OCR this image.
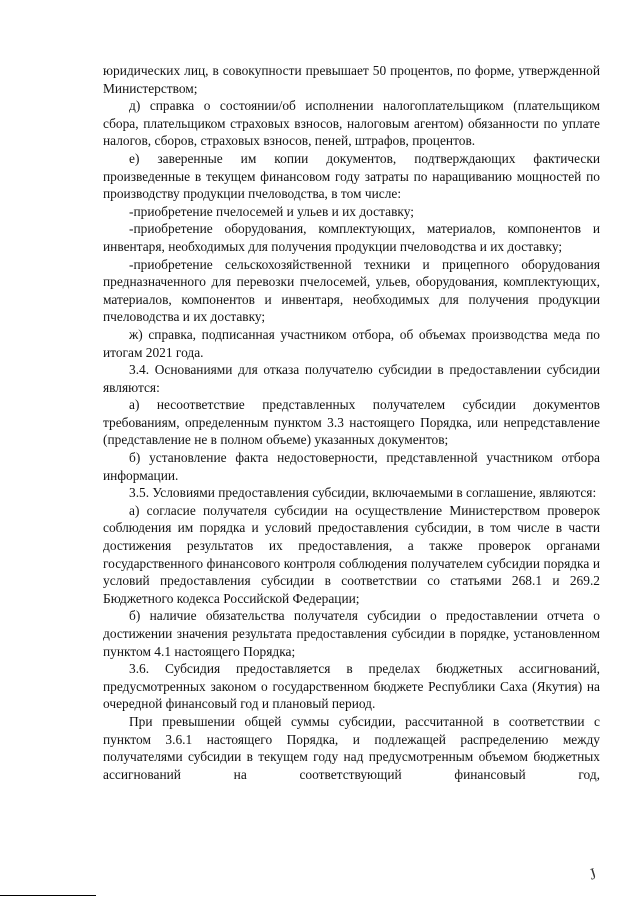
юридических лиц, в совокупности превышает 50 процентов, по форме, утвержденной Министерством;

д) справка о состоянии/об исполнении налогоплательщиком (плательщиком сбора, плательщиком страховых взносов, налоговым агентом) обязанности по уплате налогов, сборов, страховых взносов, пеней, штрафов, процентов.

е) заверенные им копии документов, подтверждающих фактически произведенные в текущем финансовом году затраты по наращиванию мощностей по производству продукции пчеловодства, в том числе:

-приобретение пчелосемей и ульев и их доставку;

-приобретение оборудования, комплектующих, материалов, компонентов и инвентаря, необходимых для получения продукции пчеловодства и их доставку;

-приобретение сельскохозяйственной техники и прицепного оборудования предназначенного для перевозки пчелосемей, ульев, оборудования, комплектующих, материалов, компонентов и инвентаря, необходимых для получения продукции пчеловодства и их доставку;

ж) справка, подписанная участником отбора, об объемах производства меда по итогам 2021 года.

3.4. Основаниями для отказа получателю субсидии в предоставлении субсидии являются:

а) несоответствие представленных получателем субсидии документов требованиям, определенным пунктом 3.3 настоящего Порядка, или непредставление (представление не в полном объеме) указанных документов;

б) установление факта недостоверности, представленной участником отбора информации.

3.5. Условиями предоставления субсидии, включаемыми в соглашение, являются:

а) согласие получателя субсидии на осуществление Министерством проверок соблюдения им порядка и условий предоставления субсидии, в том числе в части достижения результатов их предоставления, а также проверок органами государственного финансового контроля соблюдения получателем субсидии порядка и условий предоставления субсидии в соответствии со статьями 268.1 и 269.2 Бюджетного кодекса Российской Федерации;

б) наличие обязательства получателя субсидии о предоставлении отчета о достижении значения результата предоставления субсидии в порядке, установленном пунктом 4.1 настоящего Порядка;

3.6. Субсидия предоставляется в пределах бюджетных ассигнований, предусмотренных законом о государственном бюджете Республики Саха (Якутия) на очередной финансовый год и плановый период.

При превышении общей суммы субсидии, рассчитанной в соответствии с пунктом 3.6.1 настоящего Порядка, и подлежащей распределению между получателями субсидии в текущем году над предусмотренным объемом бюджетных ассигнований на соответствующий финансовый год,

J
